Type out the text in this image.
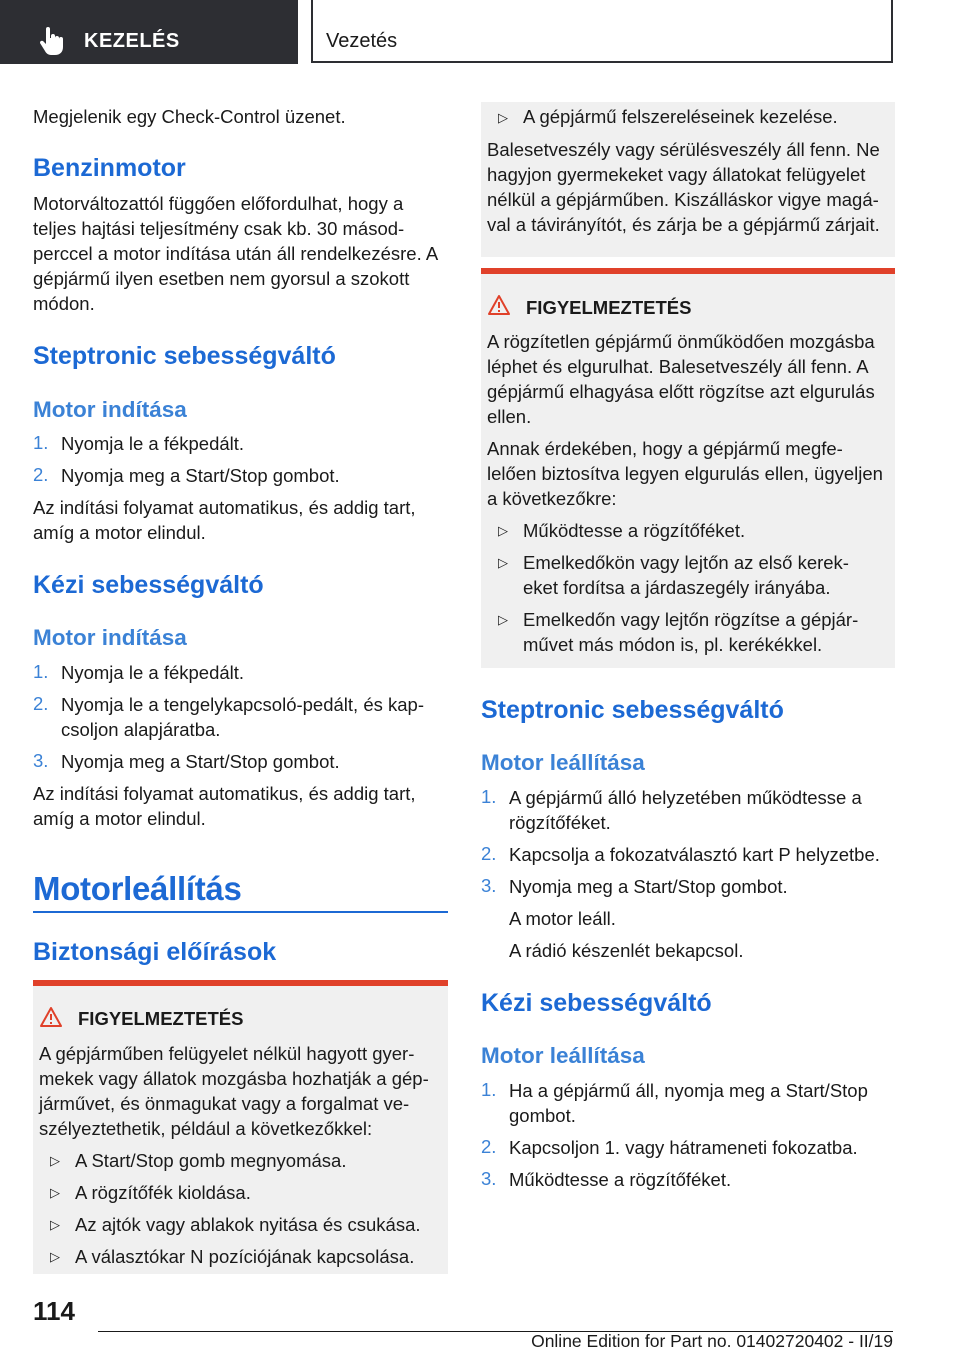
KEZELÉS	Vezetés
Megjelenik egy Check-Control üzenet.
Benzinmotor
Motorváltozattól függően előfordulhat, hogy a
teljes hajtási teljesítmény csak kb. 30 másod‐
perccel a motor indítása után áll rendelkezésre. A
gépjármű ilyen esetben nem gyorsul a szokott
módon.
Steptronic sebességváltó
Motor indítása
1. Nyomja le a fékpedált.
2. Nyomja meg a Start/Stop gombot.
Az indítási folyamat automatikus, és addig tart,
amíg a motor elindul.
Kézi sebességváltó
Motor indítása
1. Nyomja le a fékpedált.
2. Nyomja le a tengelykapcsoló-pedált, és kap‐
csoljon alapjáratba.
3. Nyomja meg a Start/Stop gombot.
Az indítási folyamat automatikus, és addig tart,
amíg a motor elindul.
Motorleállítás
Biztonsági előírások
FIGYELMEZTETÉS
A gépjárműben felügyelet nélkül hagyott gyer‐
mekek vagy állatok mozgásba hozhatják a gép‐
járművet, és önmagukat vagy a forgalmat ve‐
szélyeztethetik, például a következőkkel:
▷ A Start/Stop gomb megnyomása.
▷ A rögzítőfék kioldása.
▷ Az ajtók vagy ablakok nyitása és csukása.
▷ A választókar N pozíciójának kapcsolása.
▷ A gépjármű felszereléseinek kezelése.
Balesetveszély vagy sérülésveszély áll fenn. Ne
hagyjon gyermekeket vagy állatokat felügyelet
nélkül a gépjárműben. Kiszálláskor vigye magá‐
val a távirányítót, és zárja be a gépjármű zárjait.
FIGYELMEZTETÉS
A rögzítetlen gépjármű önműködően mozgásba
léphet és elgurulhat. Balesetveszély áll fenn. A
gépjármű elhagyása előtt rögzítse azt elgurulás
ellen.
Annak érdekében, hogy a gépjármű megfe‐
lelően biztosítva legyen elgurulás ellen, ügyeljen
a következőkre:
▷ Működtesse a rögzítőféket.
▷ Emelkedőkön vagy lejtőn az első kerek‐
eket fordítsa a járdaszegély irányába.
▷ Emelkedőn vagy lejtőn rögzítse a gépjár‐
művet más módon is, pl. kerékékkel.
Steptronic sebességváltó
Motor leállítása
1. A gépjármű álló helyzetében működtesse a
rögzítőféket.
2. Kapcsolja a fokozatválasztó kart P helyzetbe.
3. Nyomja meg a Start/Stop gombot.
A motor leáll.
A rádió készenlét bekapcsol.
Kézi sebességváltó
Motor leállítása
1. Ha a gépjármű áll, nyomja meg a Start/Stop
gombot.
2. Kapcsoljon 1. vagy hátrameneti fokozatba.
3. Működtesse a rögzítőféket.
114
Online Edition for Part no. 01402720402 - II/19
